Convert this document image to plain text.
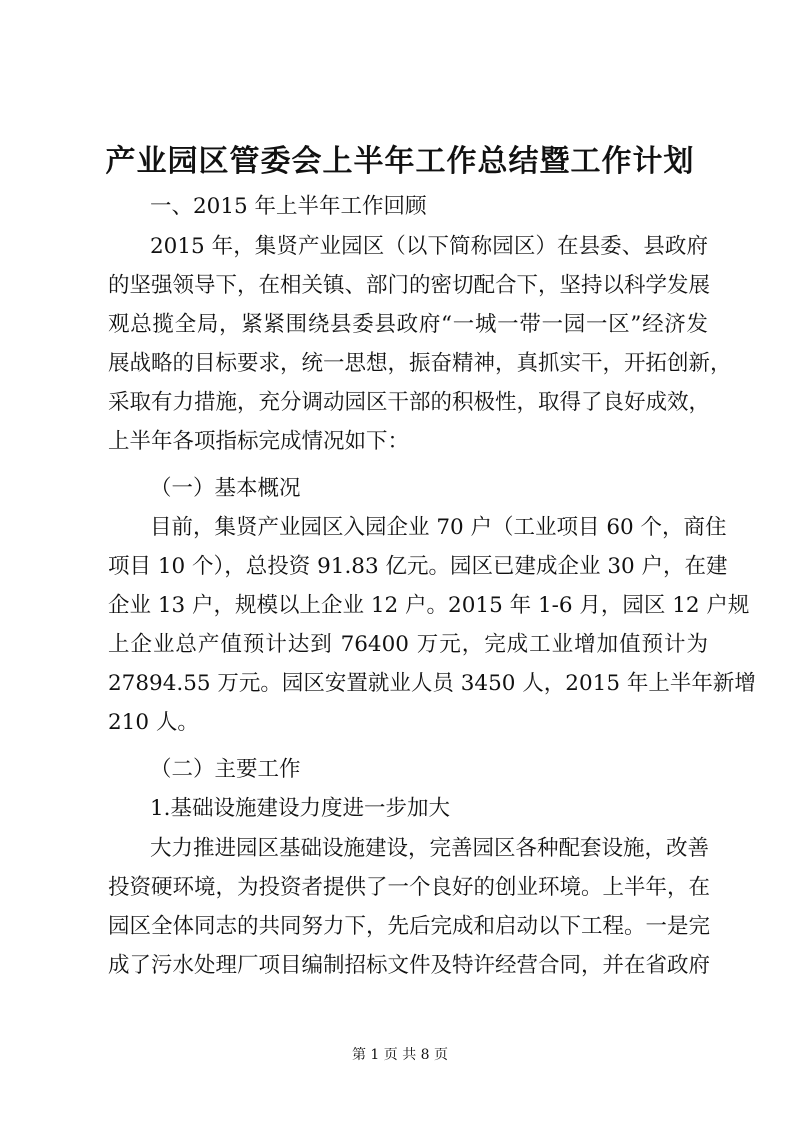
产业园区管委会上半年工作总结暨工作计划
一、2015 年上半年工作回顾
2015 年，集贤产业园区（以下简称园区）在县委、县政府
的坚强领导下，在相关镇、部门的密切配合下，坚持以科学发展
观总揽全局，紧紧围绕县委县政府“一城一带一园一区”经济发
展战略的目标要求，统一思想，振奋精神，真抓实干，开拓创新，
采取有力措施，充分调动园区干部的积极性，取得了良好成效，
上半年各项指标完成情况如下：
（一）基本概况
目前，集贤产业园区入园企业 70 户（工业项目 60 个，商住
项目 10 个），总投资 91.83 亿元。园区已建成企业 30 户，在建
企业 13 户，规模以上企业 12 户。2015 年 1-6 月，园区 12 户规
上企业总产值预计达到 76400 万元，完成工业增加值预计为
27894.55 万元。园区安置就业人员 3450 人，2015 年上半年新增
210 人。
（二）主要工作
1.基础设施建设力度进一步加大
大力推进园区基础设施建设，完善园区各种配套设施，改善
投资硬环境，为投资者提供了一个良好的创业环境。上半年，在
园区全体同志的共同努力下，先后完成和启动以下工程。一是完
成了污水处理厂项目编制招标文件及特许经营合同，并在省政府
第 1 页 共 8 页
